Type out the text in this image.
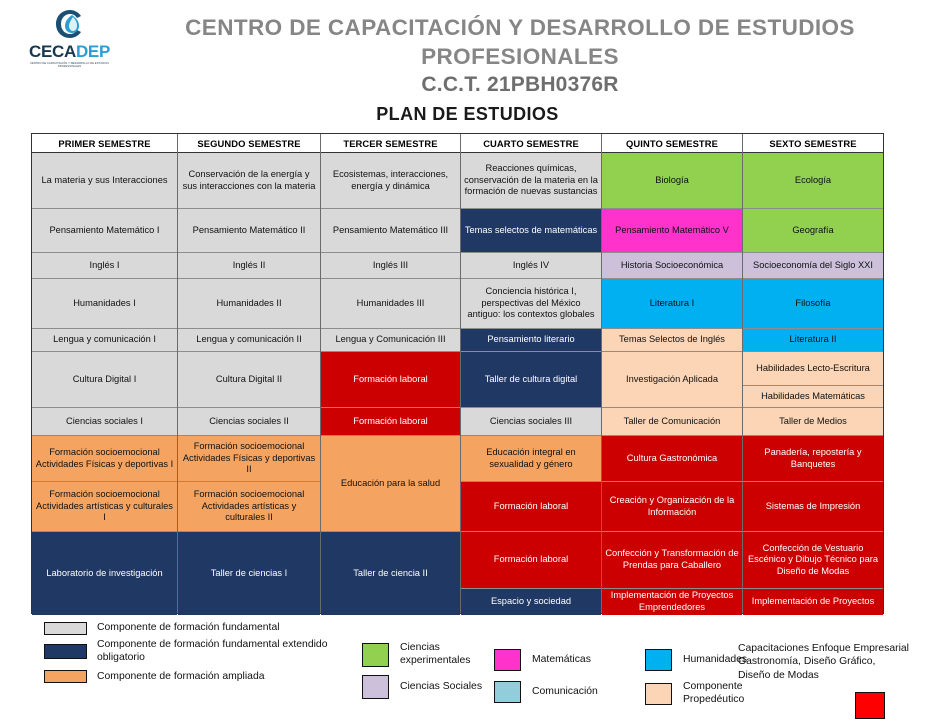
CECADEP
CENTRO DE CAPACITACIÓN Y DESARROLLO DE ESTUDIOS PROFESIONALES
CENTRO DE CAPACITACIÓN Y DESARROLLO DE ESTUDIOS
PROFESIONALES
C.C.T. 21PBH0376R
PLAN DE ESTUDIOS
PRIMER SEMESTRE
La materia y sus Interacciones
Pensamiento Matemático I
Inglés I
Humanidades I
Lengua y comunicación I
Cultura Digital I
Ciencias sociales I
Formación socioemocional Actividades Físicas y deportivas I
Formación socioemocional Actividades artísticas y culturales I
Laboratorio de investigación
SEGUNDO SEMESTRE
Conservación de la energía y sus interacciones con la materia
Pensamiento Matemático II
Inglés II
Humanidades II
Lengua y comunicación II
Cultura Digital II
Ciencias sociales II
Formación socioemocional Actividades Físicas y deportivas II
Formación socioemocional Actividades artísticas y culturales II
Taller de ciencias I
TERCER SEMESTRE
Ecosistemas, interacciones, energía y dinámica
Pensamiento Matemático III
Inglés III
Humanidades III
Lengua y Comunicación III
Formación laboral
Formación laboral
Educación para la salud
Taller de ciencia II
CUARTO SEMESTRE
Reacciones químicas, conservación de la materia en la formación de nuevas sustancias
Temas selectos de matemáticas
Inglés IV
Conciencia histórica I, perspectivas del México antiguo: los contextos globales
Pensamiento literario
Taller de cultura digital
Ciencias sociales III
Educación integral en sexualidad y género
Formación laboral
Formación laboral
Espacio y sociedad
QUINTO SEMESTRE
Biología
Pensamiento Matemático V
Historia Socioeconómica
Literatura I
Temas Selectos de Inglés
Investigación Aplicada
Taller de Comunicación
Cultura Gastronómica
Creación y Organización de la Información
Confección y Transformación de Prendas para Caballero
Implementación de Proyectos Emprendedores
SEXTO SEMESTRE
Ecología
Geografía
Socioeconomía del Siglo XXI
Filosofía
Literatura II
Habilidades Lecto-Escritura
Habilidades Matemáticas
Taller de Medios
Panadería, repostería y Banquetes
Sistemas de Impresión
Confección de Vestuario Escénico y Dibujo Técnico para Diseño de Modas
Implementación de Proyectos
Componente de formación fundamental
Componente de formación fundamental extendido obligatorio
Componente de formación ampliada
Ciencias experimentales
Ciencias Sociales
Matemáticas
Comunicación
Humanidades
Componente Propedéutico
Capacitaciones Enfoque Empresarial
Gastronomía, Diseño Gráfico,
Diseño de Modas
